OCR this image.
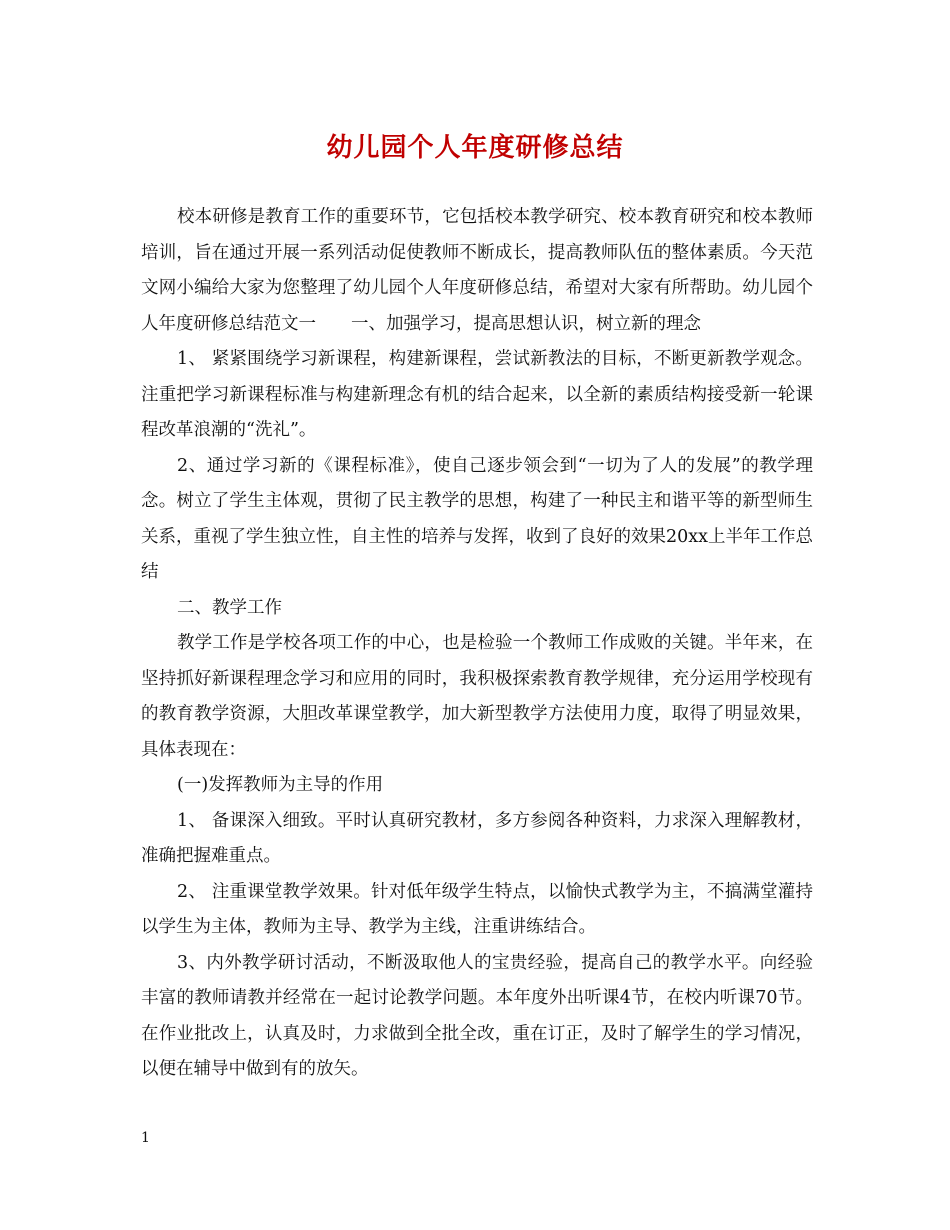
幼儿园个人年度研修总结

校本研修是教育工作的重要环节，它包括校本教学研究、校本教育研究和校本教师培训，旨在通过开展一系列活动促使教师不断成长，提高教师队伍的整体素质。今天范文网小编给大家为您整理了幼儿园个人年度研修总结，希望对大家有所帮助。幼儿园个人年度研修总结范文一　　一、加强学习，提高思想认识，树立新的理念

1、 紧紧围绕学习新课程，构建新课程，尝试新教法的目标，不断更新教学观念。注重把学习新课程标准与构建新理念有机的结合起来，以全新的素质结构接受新一轮课程改革浪潮的“洗礼”。

2、通过学习新的《课程标准》，使自己逐步领会到“一切为了人的发展”的教学理念。树立了学生主体观，贯彻了民主教学的思想，构建了一种民主和谐平等的新型师生关系，重视了学生独立性，自主性的培养与发挥，收到了良好的效果20xx上半年工作总结

二、教学工作

教学工作是学校各项工作的中心，也是检验一个教师工作成败的关键。半年来，在坚持抓好新课程理念学习和应用的同时，我积极探索教育教学规律，充分运用学校现有的教育教学资源，大胆改革课堂教学，加大新型教学方法使用力度，取得了明显效果，具体表现在：

(一)发挥教师为主导的作用

1、 备课深入细致。平时认真研究教材，多方参阅各种资料，力求深入理解教材，准确把握难重点。

2、 注重课堂教学效果。针对低年级学生特点，以愉快式教学为主，不搞满堂灌持以学生为主体，教师为主导、教学为主线，注重讲练结合。

3、内外教学研讨活动，不断汲取他人的宝贵经验，提高自己的教学水平。向经验丰富的教师请教并经常在一起讨论教学问题。本年度外出听课4节，在校内听课70节。在作业批改上，认真及时，力求做到全批全改，重在订正，及时了解学生的学习情况，以便在辅导中做到有的放矢。

1
